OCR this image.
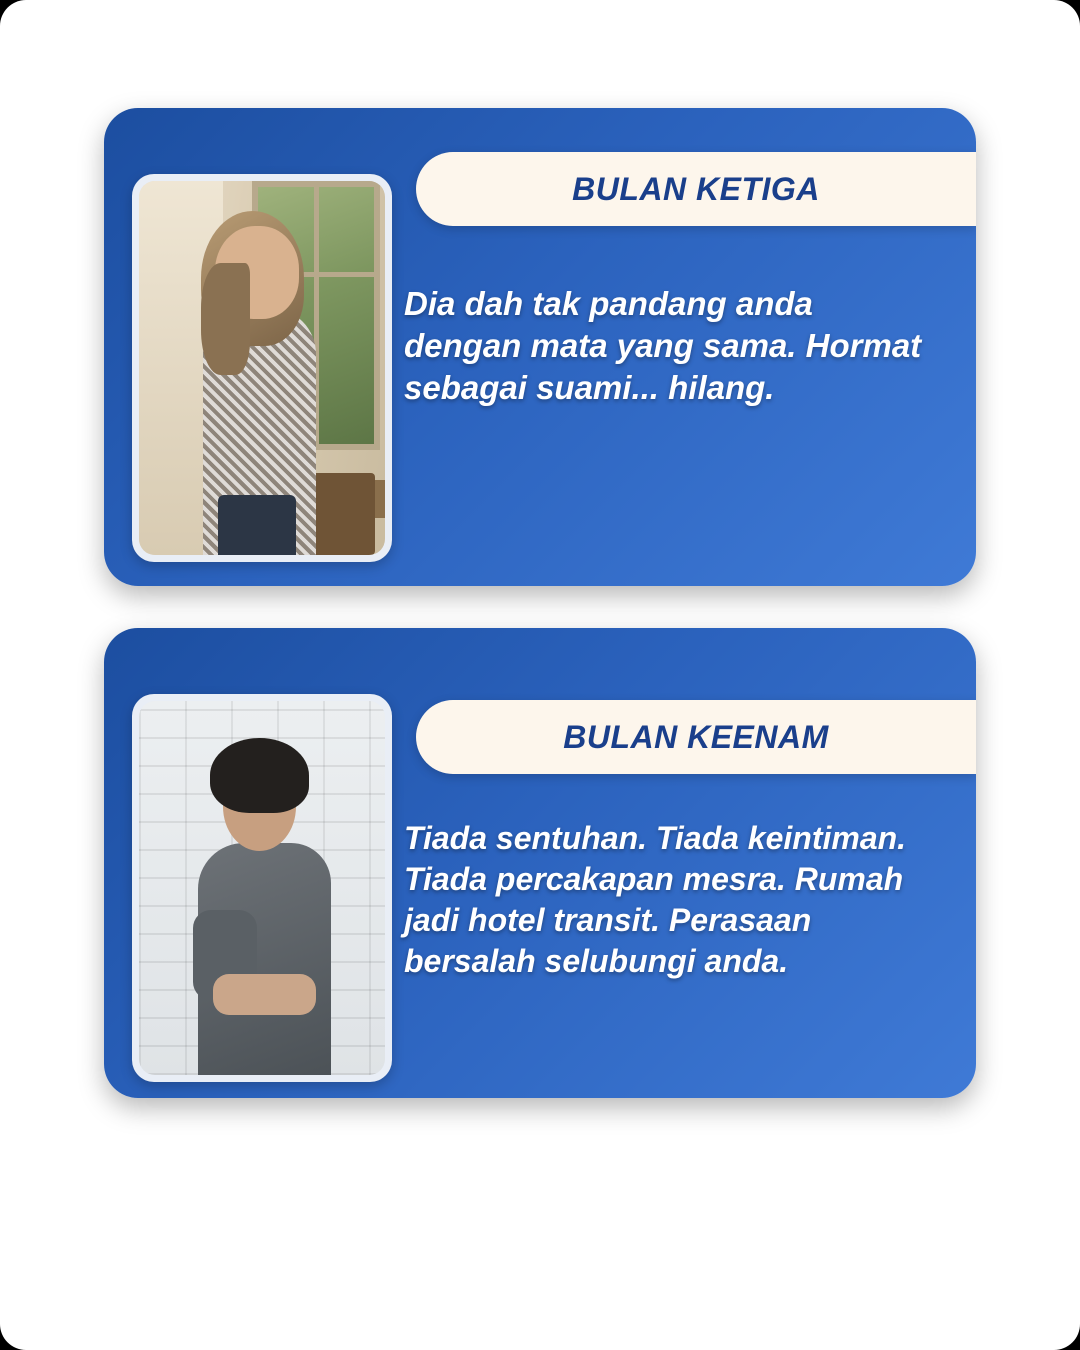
BULAN KETIGA
Dia dah tak pandang anda dengan mata yang sama. Hormat sebagai suami... hilang.
BULAN KEENAM
Tiada sentuhan. Tiada keintiman. Tiada percakapan mesra. Rumah jadi hotel transit. Perasaan bersalah selubungi anda.
